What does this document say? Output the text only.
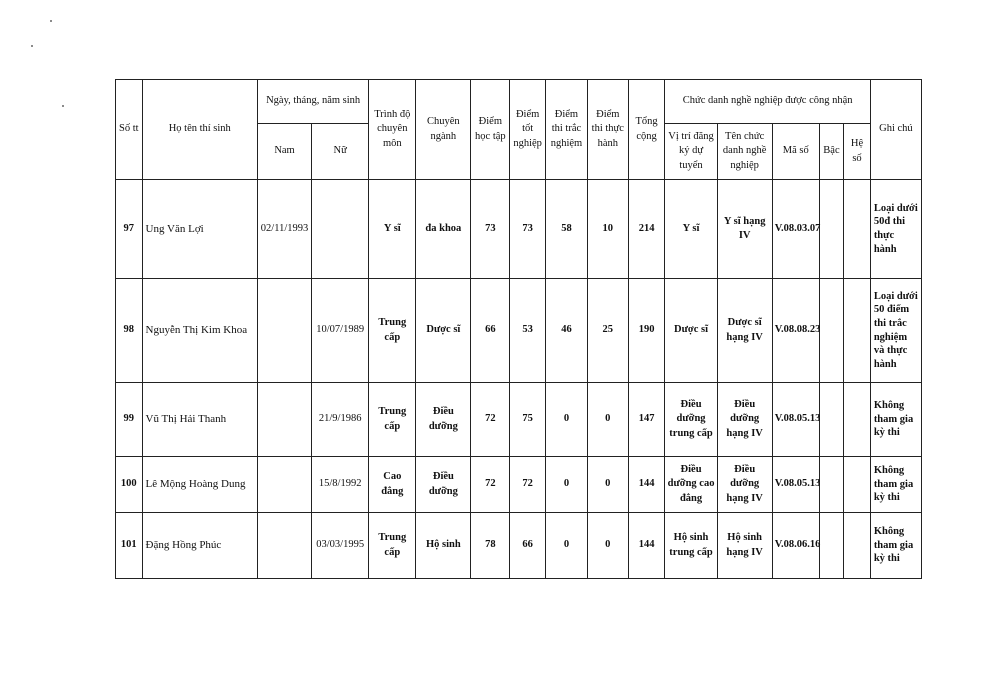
Số tt	Họ tên thí sinh	Ngày, tháng, năm sinh		Trình độ chuyên môn	Chuyên ngành	Điểm học tập	Điểm tốt nghiệp	Điểm thi trắc nghiệm	Điểm thi thực hành	Tổng cộng	Chức danh nghề nghiệp được công nhận					Ghi chú
		Nam	Nữ								Vị trí đăng ký dự tuyển	Tên chức danh nghề nghiệp	Mã số	Bậc	Hệ số	
97	Ung Văn Lợi	02/11/1993		Y sĩ	đa khoa	73	73	58	10	214	Y sĩ	Y sĩ hạng IV	V.08.03.07			Loại dưới 50đ thi thực hành
98	Nguyễn Thị Kim Khoa		10/07/1989	Trung cấp	Dược sĩ	66	53	46	25	190	Dược sĩ	Dược sĩ hạng IV	V.08.08.23			Loại dưới 50 điểm thi trắc nghiệm và thực hành
99	Vũ Thị Hải Thanh		21/9/1986	Trung cấp	Điều dưỡng	72	75	0	0	147	Điều dưỡng trung cấp	Điều dưỡng hạng IV	V.08.05.13			Không tham gia kỳ thi
100	Lê Mộng Hoàng Dung		15/8/1992	Cao đẳng	Điều dưỡng	72	72	0	0	144	Điều dưỡng cao đẳng	Điều dưỡng hạng IV	V.08.05.13			Không tham gia kỳ thi
101	Đặng Hồng Phúc		03/03/1995	Trung cấp	Hộ sinh	78	66	0	0	144	Hộ sinh trung cấp	Hộ sinh hạng IV	V.08.06.16			Không tham gia kỳ thi
